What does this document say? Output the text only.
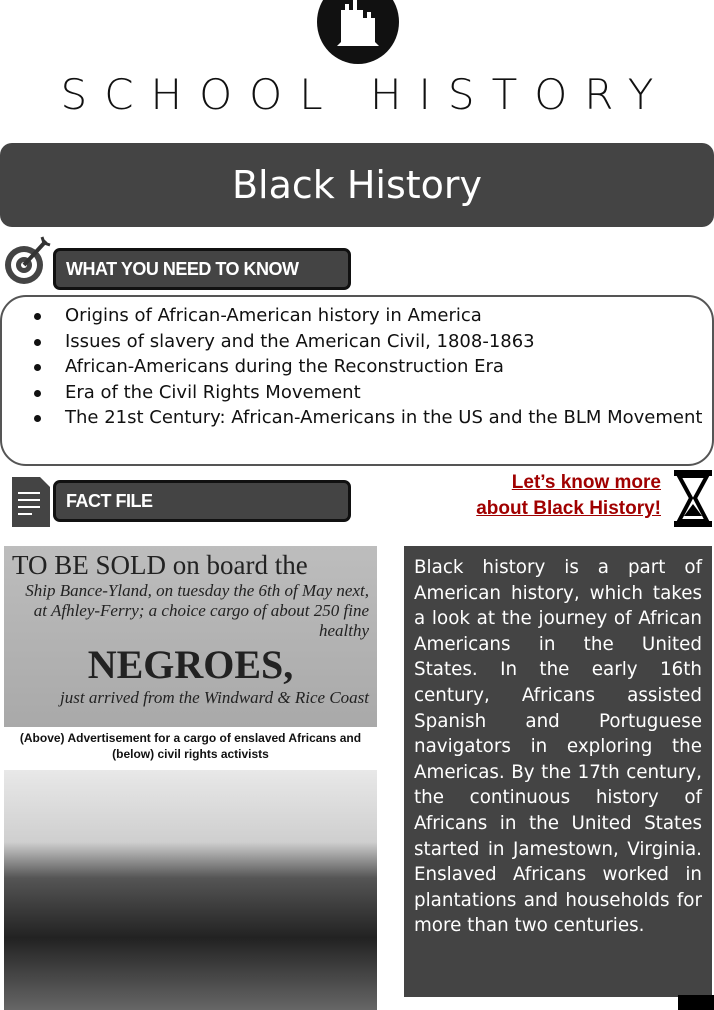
SCHOOL HISTORY
Black History
WHAT YOU NEED TO KNOW
Origins of African-American history in America
Issues of slavery and the American Civil, 1808-1863
African-Americans during the Reconstruction Era
Era of the Civil Rights Movement
The 21st Century: African-Americans in the US and the BLM Movement
FACT FILE
Let’s know more
about Black History!
TO BE SOLD on board the
Ship Bance-Yland, on tuesday the 6th of May next, at Afhley-Ferry; a choice cargo of about 250 fine healthy
NEGROES,
just arrived from the Windward & Rice Coast
(Above) Advertisement for a cargo of enslaved Africans and (below) civil rights activists
Black history is a part of American history, which takes a look at the journey of African Americans in the United States. In the early 16th century, Africans assisted Spanish and Portuguese navigators in exploring the Americas. By the 17th century, the continuous history of Africans in the United States started in Jamestown, Virginia. Enslaved Africans worked in plantations and households for more than two centuries.
